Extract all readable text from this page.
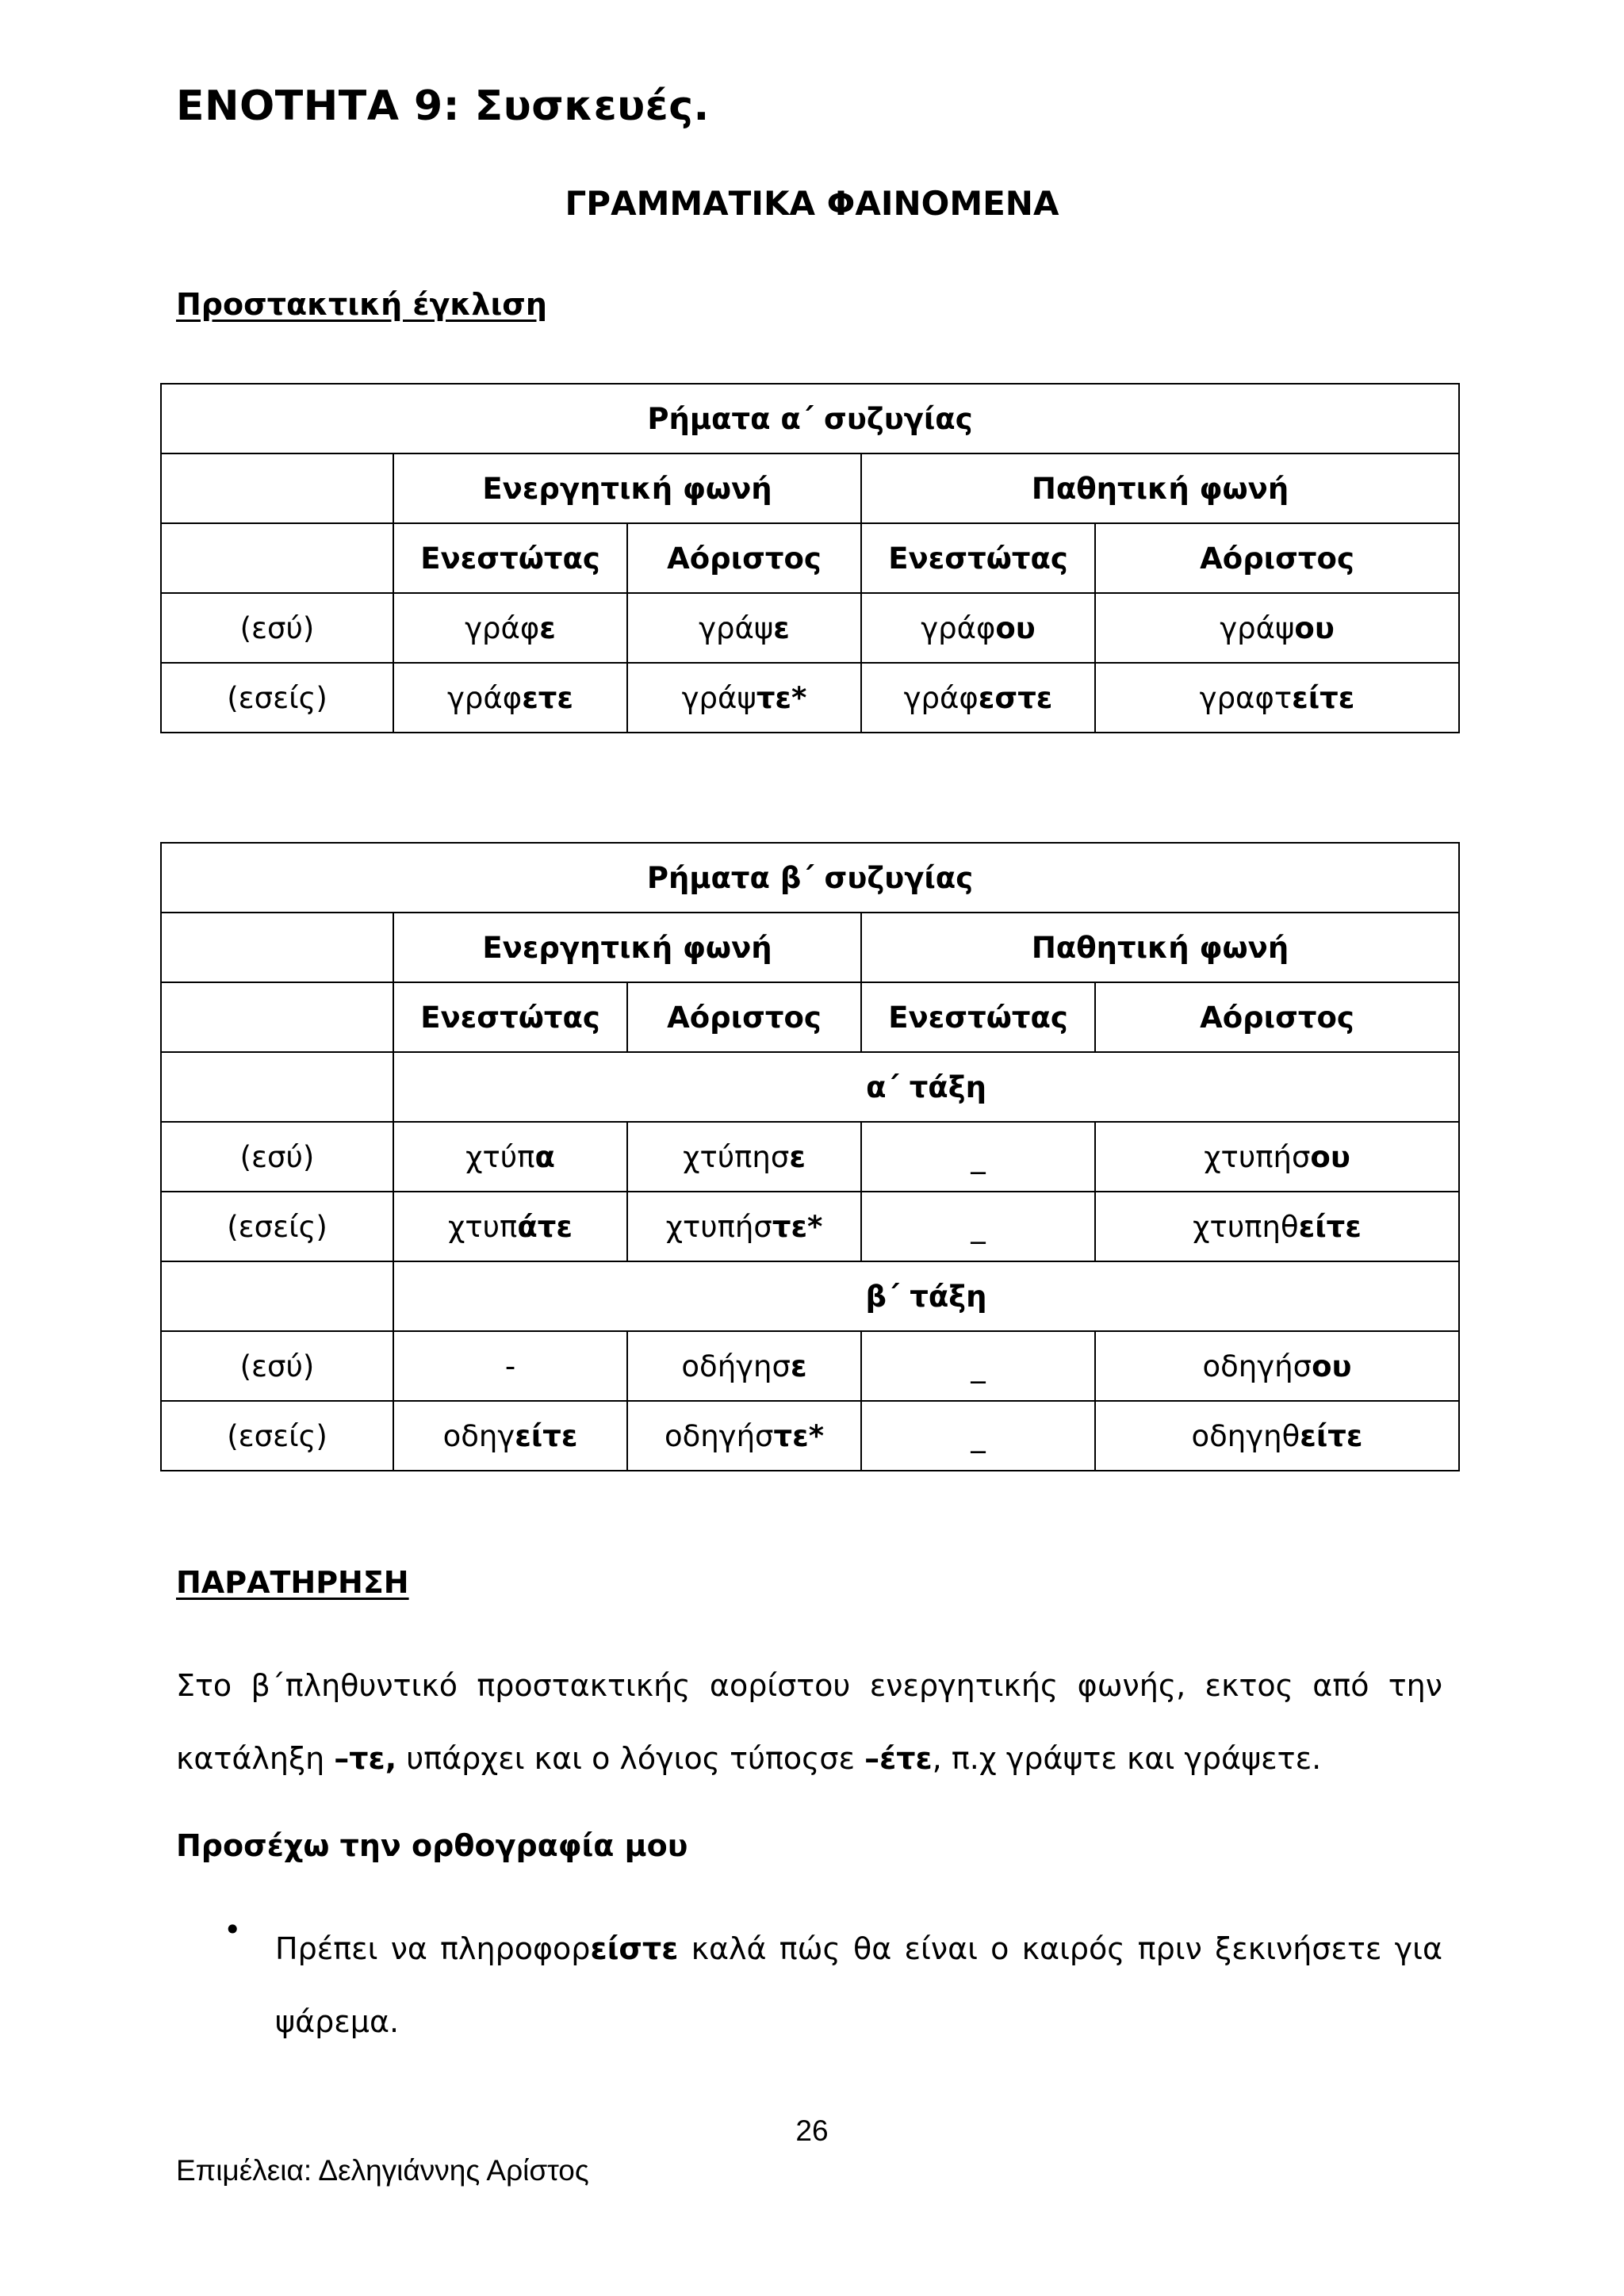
ΕΝΟΤΗΤΑ 9: Συσκευές.
ΓΡΑΜΜΑΤΙΚΑ ΦΑΙΝΟΜΕΝΑ
Προστακτική έγκλιση
Ρήματα α΄ συζυγίας				
	Ενεργητική φωνή		Παθητική φωνή	
	Ενεστώτας	Αόριστος	Ενεστώτας	Αόριστος
(εσύ)	γράφε	γράψε	γράφου	γράψου
(εσείς)	γράφετε	γράψτε*	γράφεστε	γραφτείτε
Ρήματα β΄ συζυγίας				
	Ενεργητική φωνή		Παθητική φωνή	
	Ενεστώτας	Αόριστος	Ενεστώτας	Αόριστος
	α΄ τάξη			
(εσύ)	χτύπα	χτύπησε	_	χτυπήσου
(εσείς)	χτυπάτε	χτυπήστε*	_	χτυπηθείτε
	β΄ τάξη			
(εσύ)	-	οδήγησε	_	οδηγήσου
(εσείς)	οδηγείτε	οδηγήστε*	_	οδηγηθείτε
ΠΑΡΑΤΗΡΗΣΗ
Στο β΄πληθυντικό προστακτικής αορίστου ενεργητικής φωνής, εκτος από την κατάληξη –τε, υπάρχει και ο λόγιος τύποςσε –έτε, π.χ γράψτε και γράψετε.
Προσέχω την ορθογραφία μου
•
Πρέπει να πληροφορείστε καλά πώς θα είναι ο καιρός πριν ξεκινήσετε για ψάρεμα.
26
Επιμέλεια: Δεληγιάννης Αρίστος
